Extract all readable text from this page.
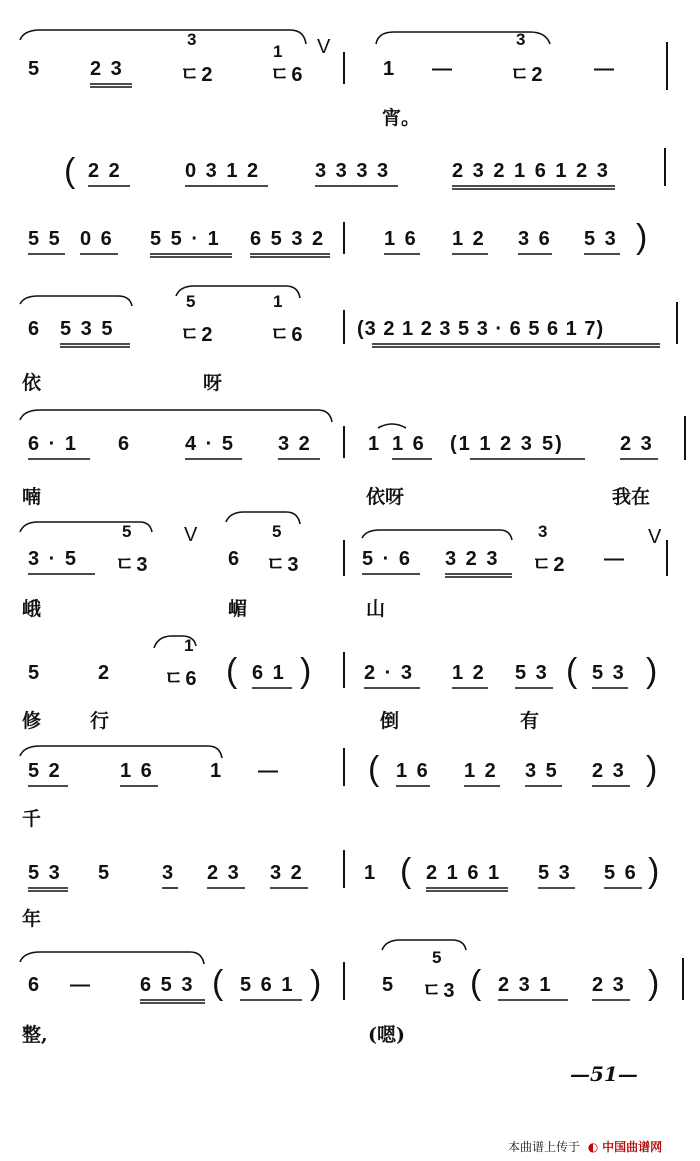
5 2 3
3
ㄷ2
1
ㄷ6
V
1 —
3
ㄷ2 —
宵。
( 2 2	0 3 1 2	3 3 3 3	2 3 2 1 6 1 2 3
5 5 0 6 5 5 · 1 6 5 3 2	1 6 1 2 3 6 5 3 )
6 5 3 5
5
ㄷ2
1
ㄷ6	(3 2 1 2 3 5 3 · 6 5 6 1 7)
依	呀
6 · 1 6	4 · 5 3 2	1 1 6 (1 1 2 3 5)	2 3
喃	依呀	我在
3 · 5
5
ㄷ3
V
6
5
ㄷ3	5 · 6 3 2 3
3
ㄷ2 —
V
峨	嵋	山
5	2
1
ㄷ6 ( 6 1 )	2 · 3 1 2 5 3 ( 5 3 )
修	行	倒	有
5 2	1 6	1 —	( 1 6 1 2 3 5 2 3 )
千
5 3 5	3 2 3 3 2	1 ( 2 1 6 1 5 3 5 6 )
年
6 — 6 5 3 ( 5 6 1 )	5
5
ㄷ3 ( 2 3 1 2 3 )
整,	(嗯)
—51—
本曲谱上传于 ◐ 中国曲谱网
